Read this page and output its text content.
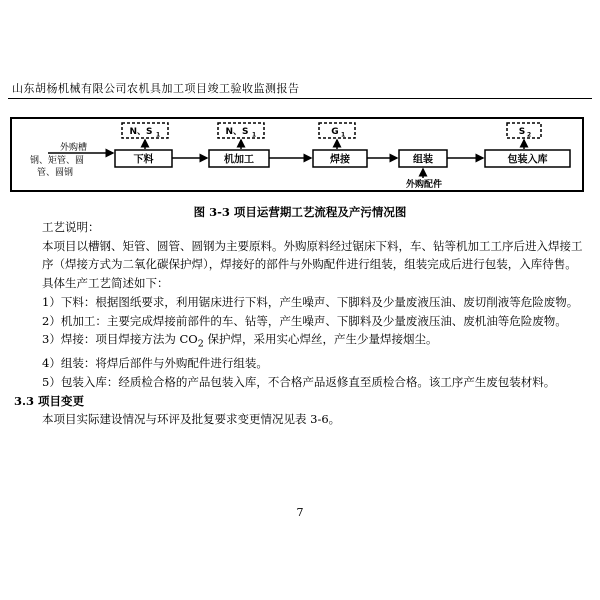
山东胡杨机械有限公司农机具加工项目竣工验收监测报告
外购槽
钢、矩管、圆
管、圆钢
下料	机加工	焊接	组装	包装入库
N、S 1	N、S 1	G 1	S 2
外购配件
图 3-3 项目运营期工艺流程及产污情况图

工艺说明：

本项目以槽钢、矩管、圆管、圆钢为主要原料。外购原料经过锯床下料，车、钻等机加工工序后进入焊接工序（焊接方式为二氧化碳保护焊），焊接好的部件与外购配件进行组装，组装完成后进行包装，入库待售。具体生产工艺简述如下：

1）下料：根据图纸要求，利用锯床进行下料，产生噪声、下脚料及少量废液压油、废切削液等危险废物。

2）机加工：主要完成焊接前部件的车、钻等，产生噪声、下脚料及少量废液压油、废机油等危险废物。

3）焊接：项目焊接方法为 $CO_2$ 保护焊，采用实心焊丝，产生少量焊接烟尘。

4）组装：将焊后部件与外购配件进行组装。

5）包装入库：经质检合格的产品包装入库，不合格产品返修直至质检合格。该工序产生废包装材料。

3.3 项目变更

本项目实际建设情况与环评及批复要求变更情况见表 3-6。

7
